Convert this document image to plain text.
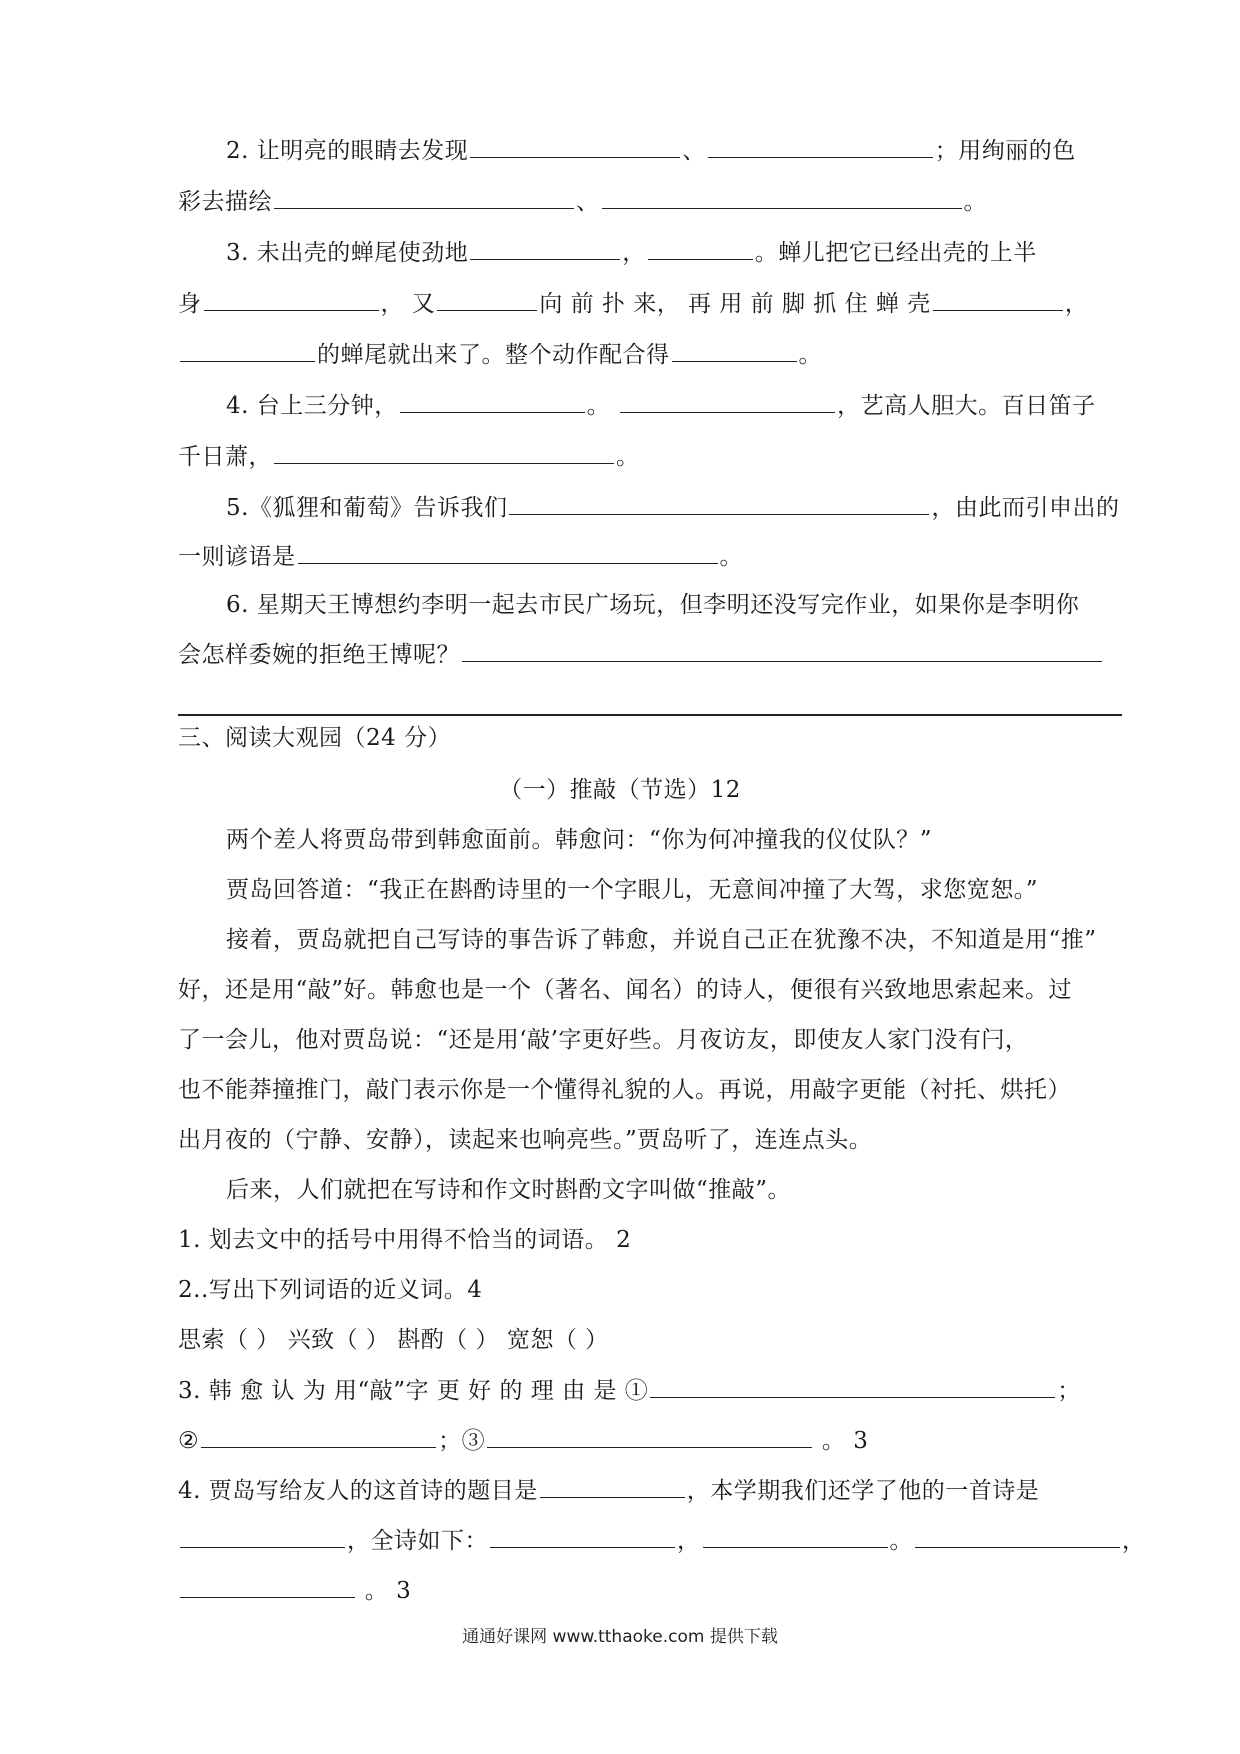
2. 让明亮的眼睛去发现	、	；用绚丽的色
彩去描绘	、	。
3. 未出壳的蝉尾使劲地	，	。蝉儿把它已经出壳的上半
身	， 又	向 前 扑 来， 再 用 前 脚 抓 住 蝉 壳	，
的蝉尾就出来了。整个动作配合得	。
4. 台上三分钟，	。	，艺高人胆大。百日笛子
千日萧，	。
5.《狐狸和葡萄》告诉我们	，由此而引申出的
一则谚语是	。
6. 星期天王博想约李明一起去市民广场玩，但李明还没写完作业，如果你是李明你
会怎样委婉的拒绝王博呢？
三、阅读大观园（24 分）
（一）推敲（节选）12
两个差人将贾岛带到韩愈面前。韩愈问：“你为何冲撞我的仪仗队？”
贾岛回答道：“我正在斟酌诗里的一个字眼儿，无意间冲撞了大驾，求您宽恕。”
接着，贾岛就把自己写诗的事告诉了韩愈，并说自己正在犹豫不决，不知道是用“推”
好，还是用“敲”好。韩愈也是一个（著名、闻名）的诗人，便很有兴致地思索起来。过
了一会儿，他对贾岛说：“还是用‘敲’字更好些。月夜访友，即使友人家门没有闩，
也不能莽撞推门，敲门表示你是一个懂得礼貌的人。再说，用敲字更能（衬托、烘托）
出月夜的（宁静、安静），读起来也响亮些。”贾岛听了，连连点头。
后来，人们就把在写诗和作文时斟酌文字叫做“推敲”。
1. 划去文中的括号中用得不恰当的词语。 2
2..写出下列词语的近义词。4
思索（ ） 兴致（ ） 斟酌（ ） 宽恕（ ）
3. 韩 愈 认 为 用“敲”字 更 好 的 理 由 是 ①	；
②	；③	。 3
4. 贾岛写给友人的这首诗的题目是	，本学期我们还学了他的一首诗是
，全诗如下：	，	。	，
。 3
通通好课网 www.tthaoke.com 提供下载
